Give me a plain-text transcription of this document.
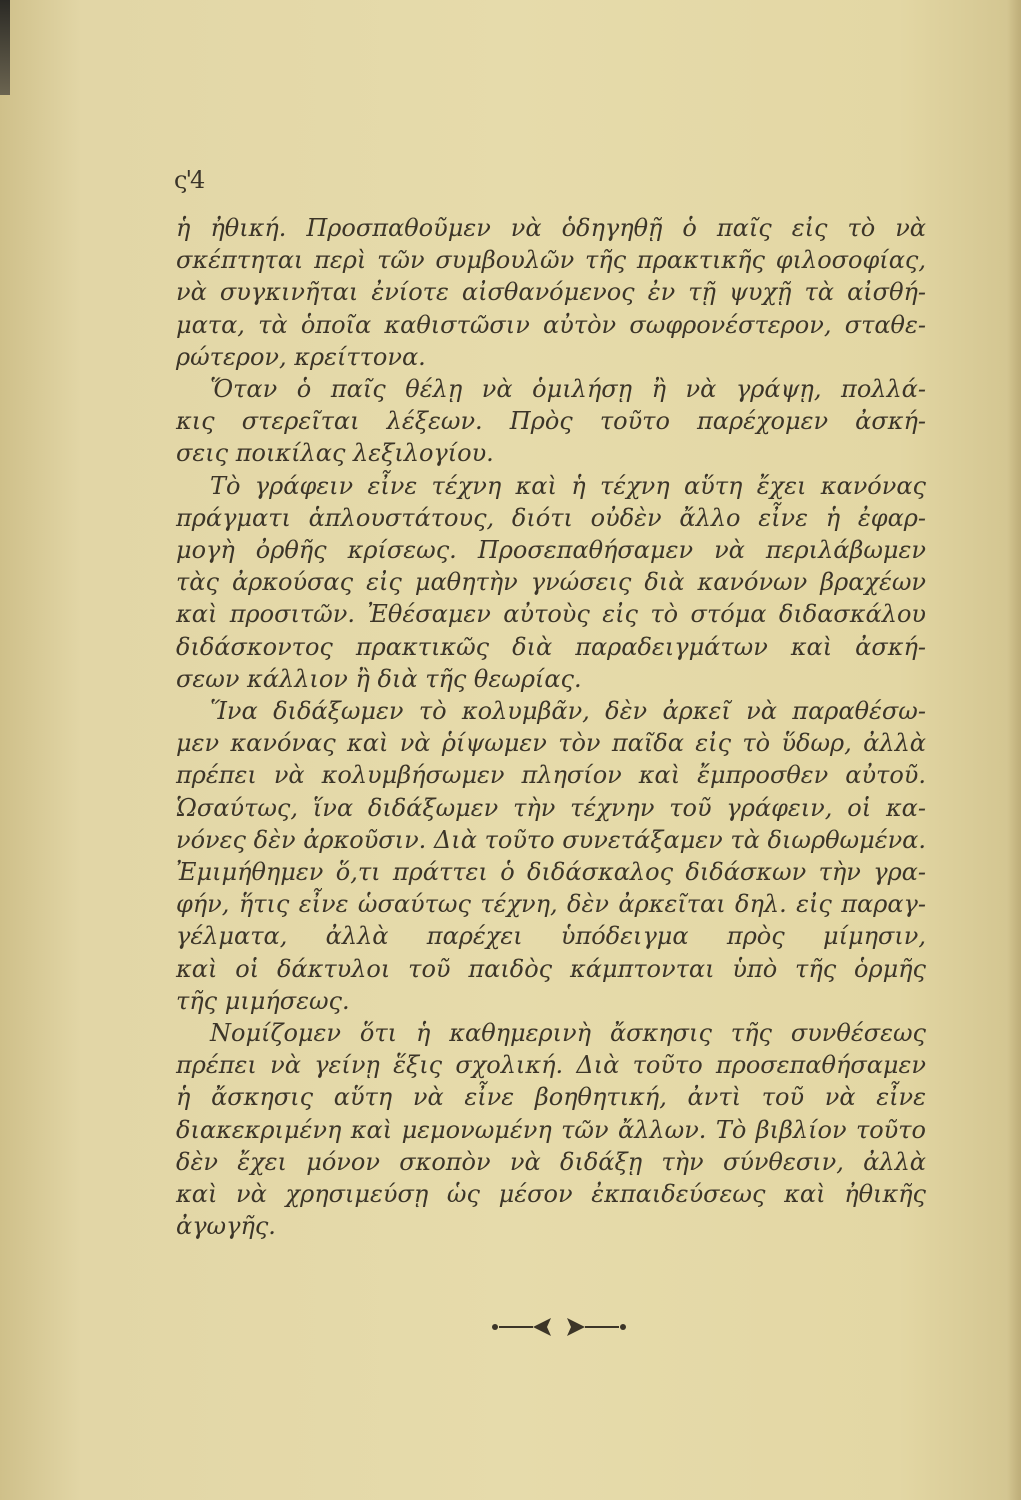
ς'4
ἡ ἠθική. Προσπαθοῦμεν νὰ ὁδηγηθῇ ὁ παῖς εἰς τὸ νὰ
σκέπτηται περὶ τῶν συμβουλῶν τῆς πρακτικῆς φιλοσοφίας,
νὰ συγκινῆται ἐνίοτε αἰσθανόμενος ἐν τῇ ψυχῇ τὰ αἰσθή-
ματα, τὰ ὁποῖα καθιστῶσιν αὐτὸν σωφρονέστερον, σταθε-
ρώτερον, κρείττονα.
Ὅταν ὁ παῖς θέλῃ νὰ ὁμιλήσῃ ἢ νὰ γράψῃ, πολλά-
κις στερεῖται λέξεων. Πρὸς τοῦτο παρέχομεν ἀσκή-
σεις ποικίλας λεξιλογίου.
Τὸ γράφειν εἶνε τέχνη καὶ ἡ τέχνη αὕτη ἔχει κανόνας
πράγματι ἁπλουστάτους, διότι οὐδὲν ἄλλο εἶνε ἡ ἐφαρ-
μογὴ ὀρθῆς κρίσεως. Προσεπαθήσαμεν νὰ περιλάβωμεν
τὰς ἀρκούσας εἰς μαθητὴν γνώσεις διὰ κανόνων βραχέων
καὶ προσιτῶν. Ἐθέσαμεν αὐτοὺς εἰς τὸ στόμα διδασκάλου
διδάσκοντος πρακτικῶς διὰ παραδειγμάτων καὶ ἀσκή-
σεων κάλλιον ἢ διὰ τῆς θεωρίας.
Ἵνα διδάξωμεν τὸ κολυμβᾶν, δὲν ἀρκεῖ νὰ παραθέσω-
μεν κανόνας καὶ νὰ ῥίψωμεν τὸν παῖδα εἰς τὸ ὕδωρ, ἀλλὰ
πρέπει νὰ κολυμβήσωμεν πλησίον καὶ ἔμπροσθεν αὐτοῦ.
Ὡσαύτως, ἵνα διδάξωμεν τὴν τέχνην τοῦ γράφειν, οἱ κα-
νόνες δὲν ἀρκοῦσιν. Διὰ τοῦτο συνετάξαμεν τὰ διωρθωμένα.
Ἐμιμήθημεν ὅ,τι πράττει ὁ διδάσκαλος διδάσκων τὴν γρα-
φήν, ἥτις εἶνε ὡσαύτως τέχνη, δὲν ἀρκεῖται δηλ. εἰς παραγ-
γέλματα, ἀλλὰ παρέχει ὑπόδειγμα πρὸς μίμησιν,
καὶ οἱ δάκτυλοι τοῦ παιδὸς κάμπτονται ὑπὸ τῆς ὁρμῆς
τῆς μιμήσεως.
Νομίζομεν ὅτι ἡ καθημερινὴ ἄσκησις τῆς συνθέσεως
πρέπει νὰ γείνῃ ἕξις σχολική. Διὰ τοῦτο προσεπαθήσαμεν
ἡ ἄσκησις αὕτη νὰ εἶνε βοηθητική, ἀντὶ τοῦ νὰ εἶνε
διακεκριμένη καὶ μεμονωμένη τῶν ἄλλων. Τὸ βιβλίον τοῦτο
δὲν ἔχει μόνον σκοπὸν νὰ διδάξῃ τὴν σύνθεσιν, ἀλλὰ
καὶ νὰ χρησιμεύσῃ ὡς μέσον ἐκπαιδεύσεως καὶ ἠθικῆς
ἀγωγῆς.
